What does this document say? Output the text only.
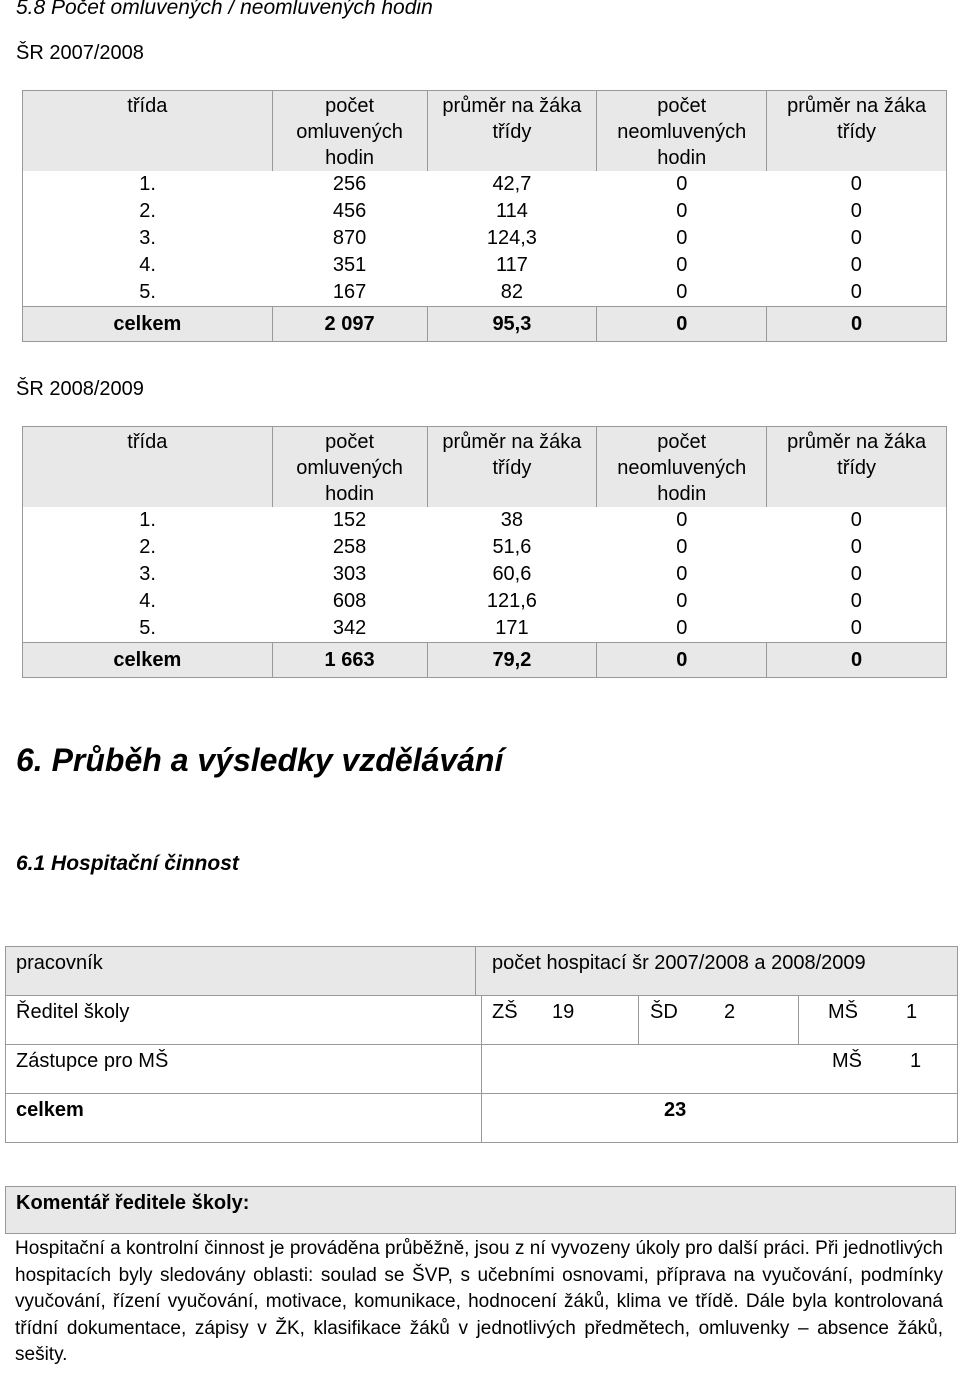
5.8 Počet omluvených / neomluvených hodin
ŠR 2007/2008
třída	počet omluvených hodin	průměr na žáka třídy	počet neomluvených hodin	průměr na žáka třídy
1.	256	42,7	0	0
2.	456	114	0	0
3.	870	124,3	0	0
4.	351	117	0	0
5.	167	82	0	0
celkem	2 097	95,3	0	0
ŠR 2008/2009
třída	počet omluvených hodin	průměr na žáka třídy	počet neomluvených hodin	průměr na žáka třídy
1.	152	38	0	0
2.	258	51,6	0	0
3.	303	60,6	0	0
4.	608	121,6	0	0
5.	342	171	0	0
celkem	1 663	79,2	0	0
6. Průběh a výsledky vzdělávání
6.1 Hospitační činnost
pracovník	počet hospitací šr 2007/2008 a 2008/2009
Ředitel školy	ZŠ 19	ŠD 2	MŠ 1
Zástupce pro MŠ	MŠ 1
celkem	23
Komentář ředitele školy:
Hospitační a kontrolní činnost je prováděna průběžně, jsou z ní vyvozeny úkoly pro další práci. Při jednotlivých hospitacích byly sledovány oblasti: soulad se ŠVP, s učebními osnovami, příprava na vyučování, podmínky vyučování, řízení vyučování, motivace, komunikace, hodnocení žáků, klima ve třídě. Dále byla kontrolovaná třídní dokumentace, zápisy v ŽK, klasifikace žáků v jednotlivých předmětech, omluvenky – absence žáků, sešity.
